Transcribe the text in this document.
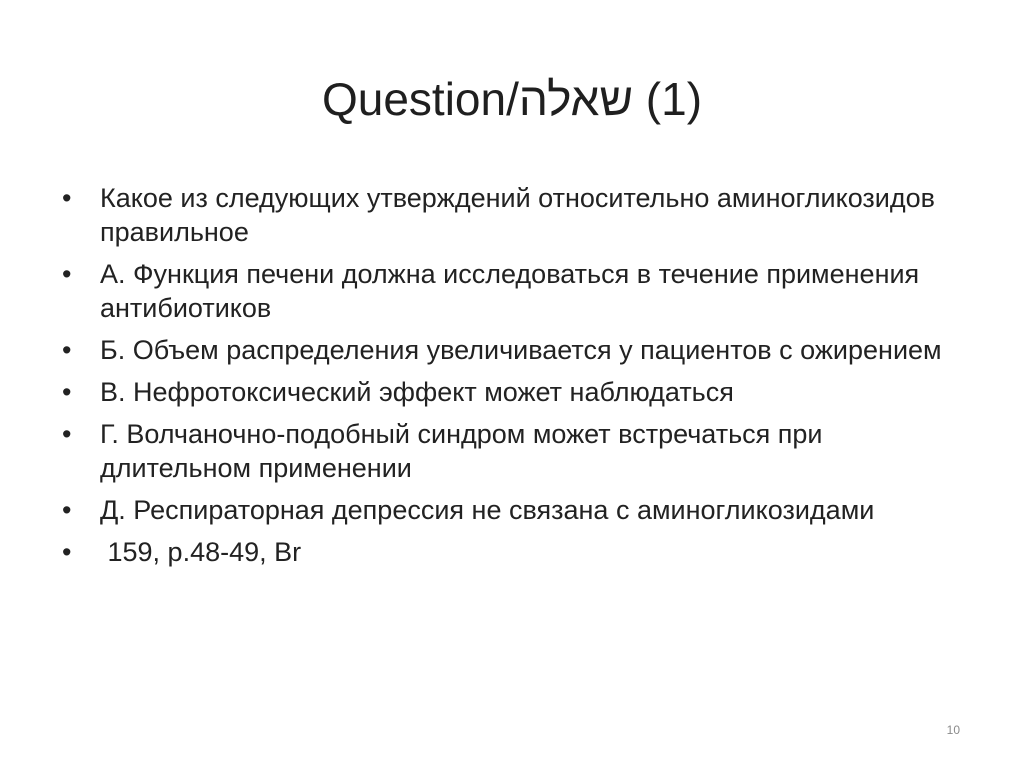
Question/שאלה (1)
• Какое из следующих утверждений относительно аминогликозидов правильное
• А. Функция печени должна исследоваться в течение применения антибиотиков
• Б. Объем распределения увеличивается у пациентов с ожирением
• В. Нефротоксический эффект может наблюдаться
• Г. Волчаночно-подобный синдром может встречаться при длительном применении
• Д. Респираторная депрессия не связана с аминогликозидами
• 159, p.48-49, Br
10
